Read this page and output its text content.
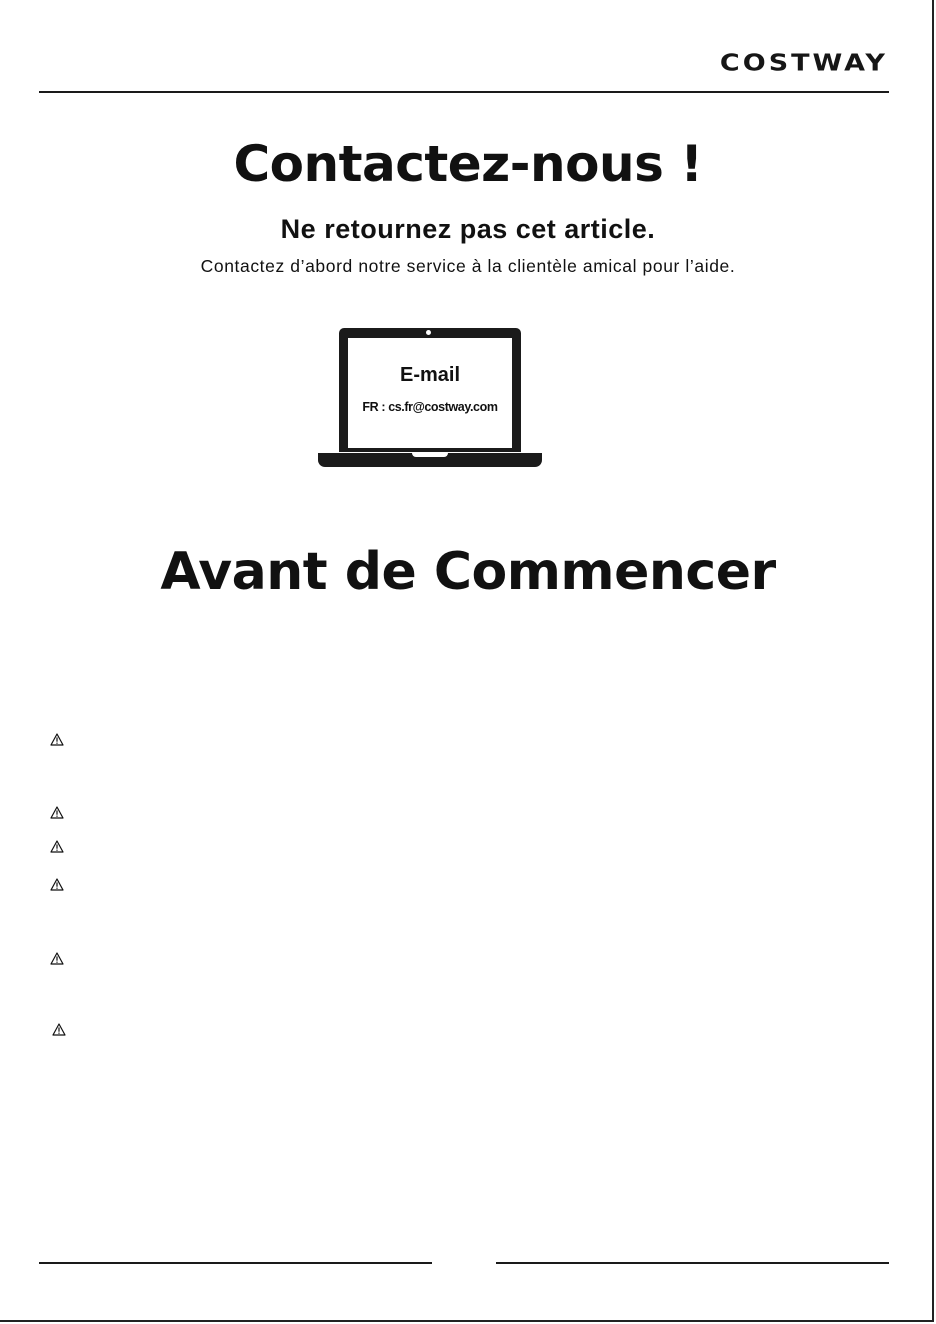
COSTWAY
Contactez-nous !
Ne retournez pas cet article.
Contactez d’abord notre service à la clientèle amical pour l’aide.
E-mail
FR : cs.fr@costway.com
Avant de Commencer
